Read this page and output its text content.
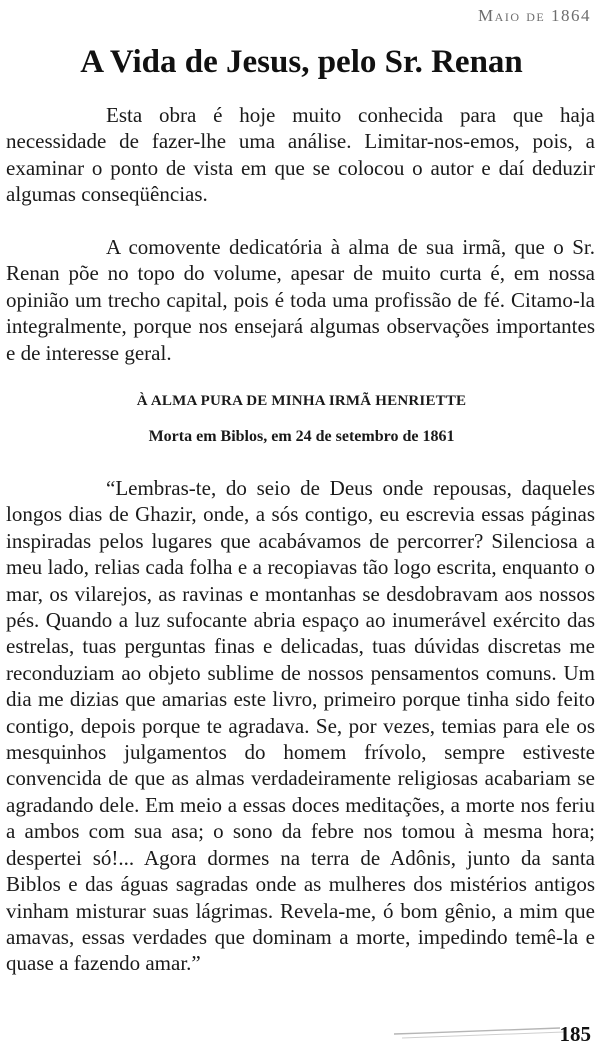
Maio de 1864
A Vida de Jesus, pelo Sr. Renan

Esta obra é hoje muito conhecida para que haja necessidade de fazer-lhe uma análise. Limitar-nos-emos, pois, a examinar o ponto de vista em que se colocou o autor e daí deduzir algumas conseqüências.

A comovente dedicatória à alma de sua irmã, que o Sr. Renan põe no topo do volume, apesar de muito curta é, em nossa opinião um trecho capital, pois é toda uma profissão de fé. Citamo-la integralmente, porque nos ensejará algumas observações importantes e de interesse geral.

À ALMA PURA DE MINHA IRMÃ HENRIETTE
Morta em Biblos, em 24 de setembro de 1861

“Lembras-te, do seio de Deus onde repousas, daqueles longos dias de Ghazir, onde, a sós contigo, eu escrevia essas páginas inspiradas pelos lugares que acabávamos de percorrer? Silenciosa a meu lado, relias cada folha e a recopiavas tão logo escrita, enquanto o mar, os vilarejos, as ravinas e montanhas se desdobravam aos nossos pés. Quando a luz sufocante abria espaço ao inumerável exército das estrelas, tuas perguntas finas e delicadas, tuas dúvidas discretas me reconduziam ao objeto sublime de nossos pensamentos comuns. Um dia me dizias que amarias este livro, primeiro porque tinha sido feito contigo, depois porque te agradava. Se, por vezes, temias para ele os mesquinhos julgamentos do homem frívolo, sempre estiveste convencida de que as almas verdadeiramente religiosas acabariam se agradando dele. Em meio a essas doces meditações, a morte nos feriu a ambos com sua asa; o sono da febre nos tomou à mesma hora; despertei só!... Agora dormes na terra de Adônis, junto da santa Biblos e das águas sagradas onde as mulheres dos mistérios antigos vinham misturar suas lágrimas. Revela-me, ó bom gênio, a mim que amavas, essas verdades que dominam a morte, impedindo temê-la e quase a fazendo amar.”

185
